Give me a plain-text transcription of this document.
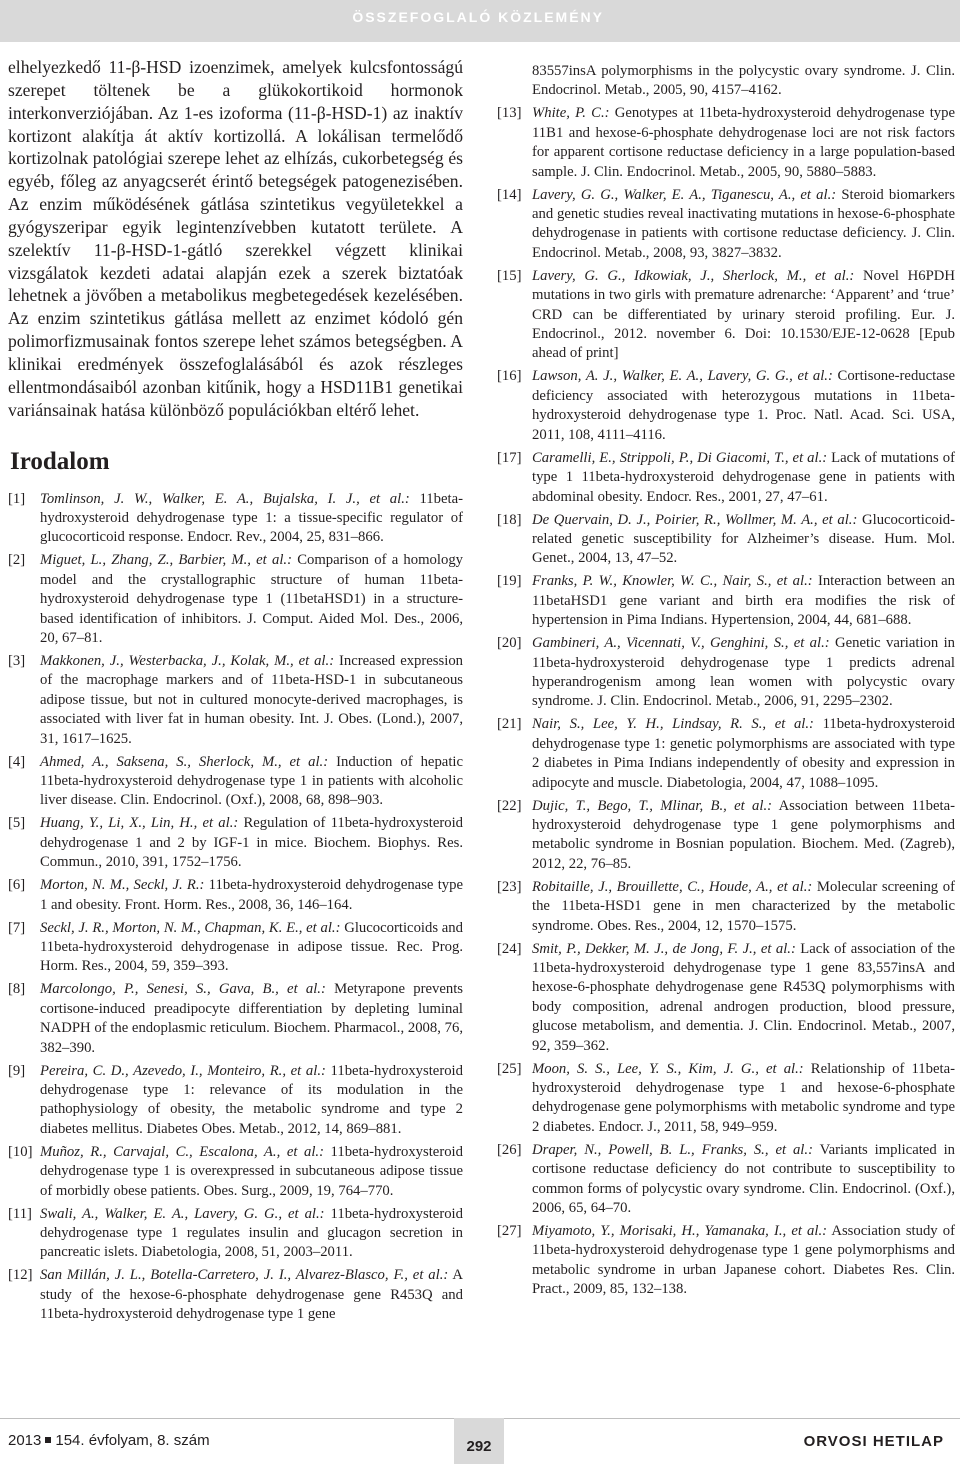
ÖSSZEFOGLALÓ KÖZLEMÉNY

elhelyezkedő 11-β-HSD izoenzimek, amelyek kulcsfontosságú szerepet töltenek be a glükokortikoid hormonok interkonverziójában. Az 1-es izoforma (11-β-HSD-1) az inaktív kortizont alakítja át aktív kortizollá. A lokálisan termelődő kortizolnak patológiai szerepe lehet az elhízás, cukorbetegség és egyéb, főleg az anyagcserét érintő betegségek patogenezisében. Az enzim működésének gátlása szintetikus vegyületekkel a gyógyszeripar egyik legintenzívebben kutatott területe. A szelektív 11-β-HSD-1-gátló szerekkel végzett klinikai vizsgálatok kezdeti adatai alapján ezek a szerek biztatóak lehetnek a jövőben a metabolikus megbetegedések kezelésében. Az enzim szintetikus gátlása mellett az enzimet kódoló gén polimorfizmusainak fontos szerepe lehet számos betegségben. A klinikai eredmények összefoglalásából és azok részleges ellentmondásaiból azonban kitűnik, hogy a HSD11B1 genetikai variánsainak hatása különböző populációkban eltérő lehet.

Irodalom

[1] Tomlinson, J. W., Walker, E. A., Bujalska, I. J., et al.: 11beta-hydroxysteroid dehydrogenase type 1: a tissue-specific regulator of glucocorticoid response. Endocr. Rev., 2004, 25, 831–866.

[2] Miguet, L., Zhang, Z., Barbier, M., et al.: Comparison of a homology model and the crystallographic structure of human 11beta-hydroxysteroid dehydrogenase type 1 (11betaHSD1) in a structure-based identification of inhibitors. J. Comput. Aided Mol. Des., 2006, 20, 67–81.

[3] Makkonen, J., Westerbacka, J., Kolak, M., et al.: Increased expression of the macrophage markers and of 11beta-HSD-1 in subcutaneous adipose tissue, but not in cultured monocyte-derived macrophages, is associated with liver fat in human obesity. Int. J. Obes. (Lond.), 2007, 31, 1617–1625.

[4] Ahmed, A., Saksena, S., Sherlock, M., et al.: Induction of hepatic 11beta-hydroxysteroid dehydrogenase type 1 in patients with alcoholic liver disease. Clin. Endocrinol. (Oxf.), 2008, 68, 898–903.

[5] Huang, Y., Li, X., Lin, H., et al.: Regulation of 11beta-hydroxysteroid dehydrogenase 1 and 2 by IGF-1 in mice. Biochem. Biophys. Res. Commun., 2010, 391, 1752–1756.

[6] Morton, N. M., Seckl, J. R.: 11beta-hydroxysteroid dehydrogenase type 1 and obesity. Front. Horm. Res., 2008, 36, 146–164.

[7] Seckl, J. R., Morton, N. M., Chapman, K. E., et al.: Glucocorticoids and 11beta-hydroxysteroid dehydrogenase in adipose tissue. Rec. Prog. Horm. Res., 2004, 59, 359–393.

[8] Marcolongo, P., Senesi, S., Gava, B., et al.: Metyrapone prevents cortisone-induced preadipocyte differentiation by depleting luminal NADPH of the endoplasmic reticulum. Biochem. Pharmacol., 2008, 76, 382–390.

[9] Pereira, C. D., Azevedo, I., Monteiro, R., et al.: 11beta-hydroxysteroid dehydrogenase type 1: relevance of its modulation in the pathophysiology of obesity, the metabolic syndrome and type 2 diabetes mellitus. Diabetes Obes. Metab., 2012, 14, 869–881.

[10] Muñoz, R., Carvajal, C., Escalona, A., et al.: 11beta-hydroxysteroid dehydrogenase type 1 is overexpressed in subcutaneous adipose tissue of morbidly obese patients. Obes. Surg., 2009, 19, 764–770.

[11] Swali, A., Walker, E. A., Lavery, G. G., et al.: 11beta-hydroxysteroid dehydrogenase type 1 regulates insulin and glucagon secretion in pancreatic islets. Diabetologia, 2008, 51, 2003–2011.

[12] San Millán, J. L., Botella-Carretero, J. I., Alvarez-Blasco, F., et al.: A study of the hexose-6-phosphate dehydrogenase gene R453Q and 11beta-hydroxysteroid dehydrogenase type 1 gene

83557insA polymorphisms in the polycystic ovary syndrome. J. Clin. Endocrinol. Metab., 2005, 90, 4157–4162.

[13] White, P. C.: Genotypes at 11beta-hydroxysteroid dehydrogenase type 11B1 and hexose-6-phosphate dehydrogenase loci are not risk factors for apparent cortisone reductase deficiency in a large population-based sample. J. Clin. Endocrinol. Metab., 2005, 90, 5880–5883.

[14] Lavery, G. G., Walker, E. A., Tiganescu, A., et al.: Steroid biomarkers and genetic studies reveal inactivating mutations in hexose-6-phosphate dehydrogenase in patients with cortisone reductase deficiency. J. Clin. Endocrinol. Metab., 2008, 93, 3827–3832.

[15] Lavery, G. G., Idkowiak, J., Sherlock, M., et al.: Novel H6PDH mutations in two girls with premature adrenarche: ‘Apparent’ and ‘true’ CRD can be differentiated by urinary steroid profiling. Eur. J. Endocrinol., 2012. november 6. Doi: 10.1530/EJE-12-0628 [Epub ahead of print]

[16] Lawson, A. J., Walker, E. A., Lavery, G. G., et al.: Cortisone-reductase deficiency associated with heterozygous mutations in 11beta-hydroxysteroid dehydrogenase type 1. Proc. Natl. Acad. Sci. USA, 2011, 108, 4111–4116.

[17] Caramelli, E., Strippoli, P., Di Giacomi, T., et al.: Lack of mutations of type 1 11beta-hydroxysteroid dehydrogenase gene in patients with abdominal obesity. Endocr. Res., 2001, 27, 47–61.

[18] De Quervain, D. J., Poirier, R., Wollmer, M. A., et al.: Glucocorticoid-related genetic susceptibility for Alzheimer’s disease. Hum. Mol. Genet., 2004, 13, 47–52.

[19] Franks, P. W., Knowler, W. C., Nair, S., et al.: Interaction between an 11betaHSD1 gene variant and birth era modifies the risk of hypertension in Pima Indians. Hypertension, 2004, 44, 681–688.

[20] Gambineri, A., Vicennati, V., Genghini, S., et al.: Genetic variation in 11beta-hydroxysteroid dehydrogenase type 1 predicts adrenal hyperandrogenism among lean women with polycystic ovary syndrome. J. Clin. Endocrinol. Metab., 2006, 91, 2295–2302.

[21] Nair, S., Lee, Y. H., Lindsay, R. S., et al.: 11beta-hydroxysteroid dehydrogenase type 1: genetic polymorphisms are associated with type 2 diabetes in Pima Indians independently of obesity and expression in adipocyte and muscle. Diabetologia, 2004, 47, 1088–1095.

[22] Dujic, T., Bego, T., Mlinar, B., et al.: Association between 11beta-hydroxysteroid dehydrogenase type 1 gene polymorphisms and metabolic syndrome in Bosnian population. Biochem. Med. (Zagreb), 2012, 22, 76–85.

[23] Robitaille, J., Brouillette, C., Houde, A., et al.: Molecular screening of the 11beta-HSD1 gene in men characterized by the metabolic syndrome. Obes. Res., 2004, 12, 1570–1575.

[24] Smit, P., Dekker, M. J., de Jong, F. J., et al.: Lack of association of the 11beta-hydroxysteroid dehydrogenase type 1 gene 83,557insA and hexose-6-phosphate dehydrogenase gene R453Q polymorphisms with body composition, adrenal androgen production, blood pressure, glucose metabolism, and dementia. J. Clin. Endocrinol. Metab., 2007, 92, 359–362.

[25] Moon, S. S., Lee, Y. S., Kim, J. G., et al.: Relationship of 11beta-hydroxysteroid dehydrogenase type 1 and hexose-6-phosphate dehydrogenase gene polymorphisms with metabolic syndrome and type 2 diabetes. Endocr. J., 2011, 58, 949–959.

[26] Draper, N., Powell, B. L., Franks, S., et al.: Variants implicated in cortisone reductase deficiency do not contribute to susceptibility to common forms of polycystic ovary syndrome. Clin. Endocrinol. (Oxf.), 2006, 65, 64–70.

[27] Miyamoto, Y., Morisaki, H., Yamanaka, I., et al.: Association study of 11beta-hydroxysteroid dehydrogenase type 1 gene polymorphisms and metabolic syndrome in urban Japanese cohort. Diabetes Res. Clin. Pract., 2009, 85, 132–138.

2013 154. évfolyam, 8. szám	292	ORVOSI HETILAP
